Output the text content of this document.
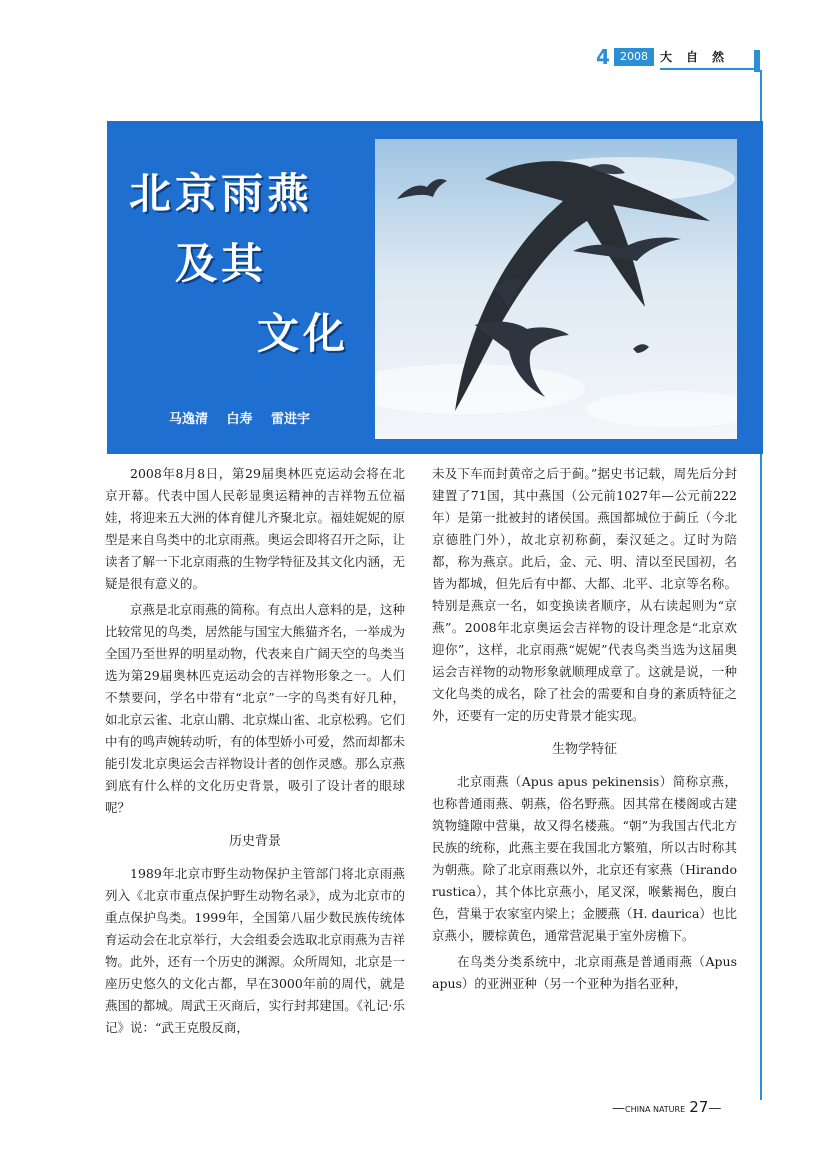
4 2008	大自然
北京雨燕
及其
文化
马逸清 白寿 雷进宇

2008年8月8日，第29届奥林匹克运动会将在北京开幕。代表中国人民彰显奥运精神的吉祥物五位福娃，将迎来五大洲的体育健儿齐聚北京。福娃妮妮的原型是来自鸟类中的北京雨燕。奥运会即将召开之际，让读者了解一下北京雨燕的生物学特征及其文化内涵，无疑是很有意义的。

京燕是北京雨燕的简称。有点出人意料的是，这种比较常见的鸟类，居然能与国宝大熊猫齐名，一举成为全国乃至世界的明星动物，代表来自广阔天空的鸟类当选为第29届奥林匹克运动会的吉祥物形象之一。人们不禁要问，学名中带有“北京”一字的鸟类有好几种，如北京云雀、北京山鹛、北京煤山雀、北京松鸦。它们中有的鸣声婉转动听，有的体型娇小可爱，然而却都未能引发北京奥运会吉祥物设计者的创作灵感。那么京燕到底有什么样的文化历史背景，吸引了设计者的眼球呢？

历史背景

1989年北京市野生动物保护主管部门将北京雨燕列入《北京市重点保护野生动物名录》，成为北京市的重点保护鸟类。1999年，全国第八届少数民族传统体育运动会在北京举行，大会组委会选取北京雨燕为吉祥物。此外，还有一个历史的渊源。众所周知，北京是一座历史悠久的文化古都，早在3000年前的周代，就是燕国的都城。周武王灭商后，实行封邦建国。《礼记·乐记》说：“武王克殷反商，

未及下车而封黄帝之后于蓟。”据史书记载，周先后分封建置了71国，其中燕国（公元前1027年—公元前222年）是第一批被封的诸侯国。燕国都城位于蓟丘（今北京德胜门外），故北京初称蓟，秦汉延之。辽时为陪都，称为燕京。此后，金、元、明、清以至民国初，名皆为都城，但先后有中都、大都、北平、北京等名称。特别是燕京一名，如变换读者顺序，从右读起则为“京燕”。2008年北京奥运会吉祥物的设计理念是“北京欢迎你”，这样，北京雨燕“妮妮”代表鸟类当选为这届奥运会吉祥物的动物形象就顺理成章了。这就是说，一种文化鸟类的成名，除了社会的需要和自身的紊质特征之外，还要有一定的历史背景才能实现。

生物学特征

北京雨燕（Apus apus pekinensis）简称京燕，也称普通雨燕、朝燕，俗名野燕。因其常在楼阁或古建筑物缝隙中营巢，故又得名楼燕。“朝”为我国古代北方民族的统称，此燕主要在我国北方繁殖，所以古时称其为朝燕。除了北京雨燕以外，北京还有家燕（Hirando rustica），其个体比京燕小，尾叉深，喉紫褐色，腹白色，营巢于农家室内梁上；金腰燕（H. daurica）也比京燕小，腰棕黄色，通常营泥巢于室外房檐下。

在鸟类分类系统中，北京雨燕是普通雨燕（Apus apus）的亚洲亚种（另一个亚种为指名亚种，

—CHINA NATURE 27—
